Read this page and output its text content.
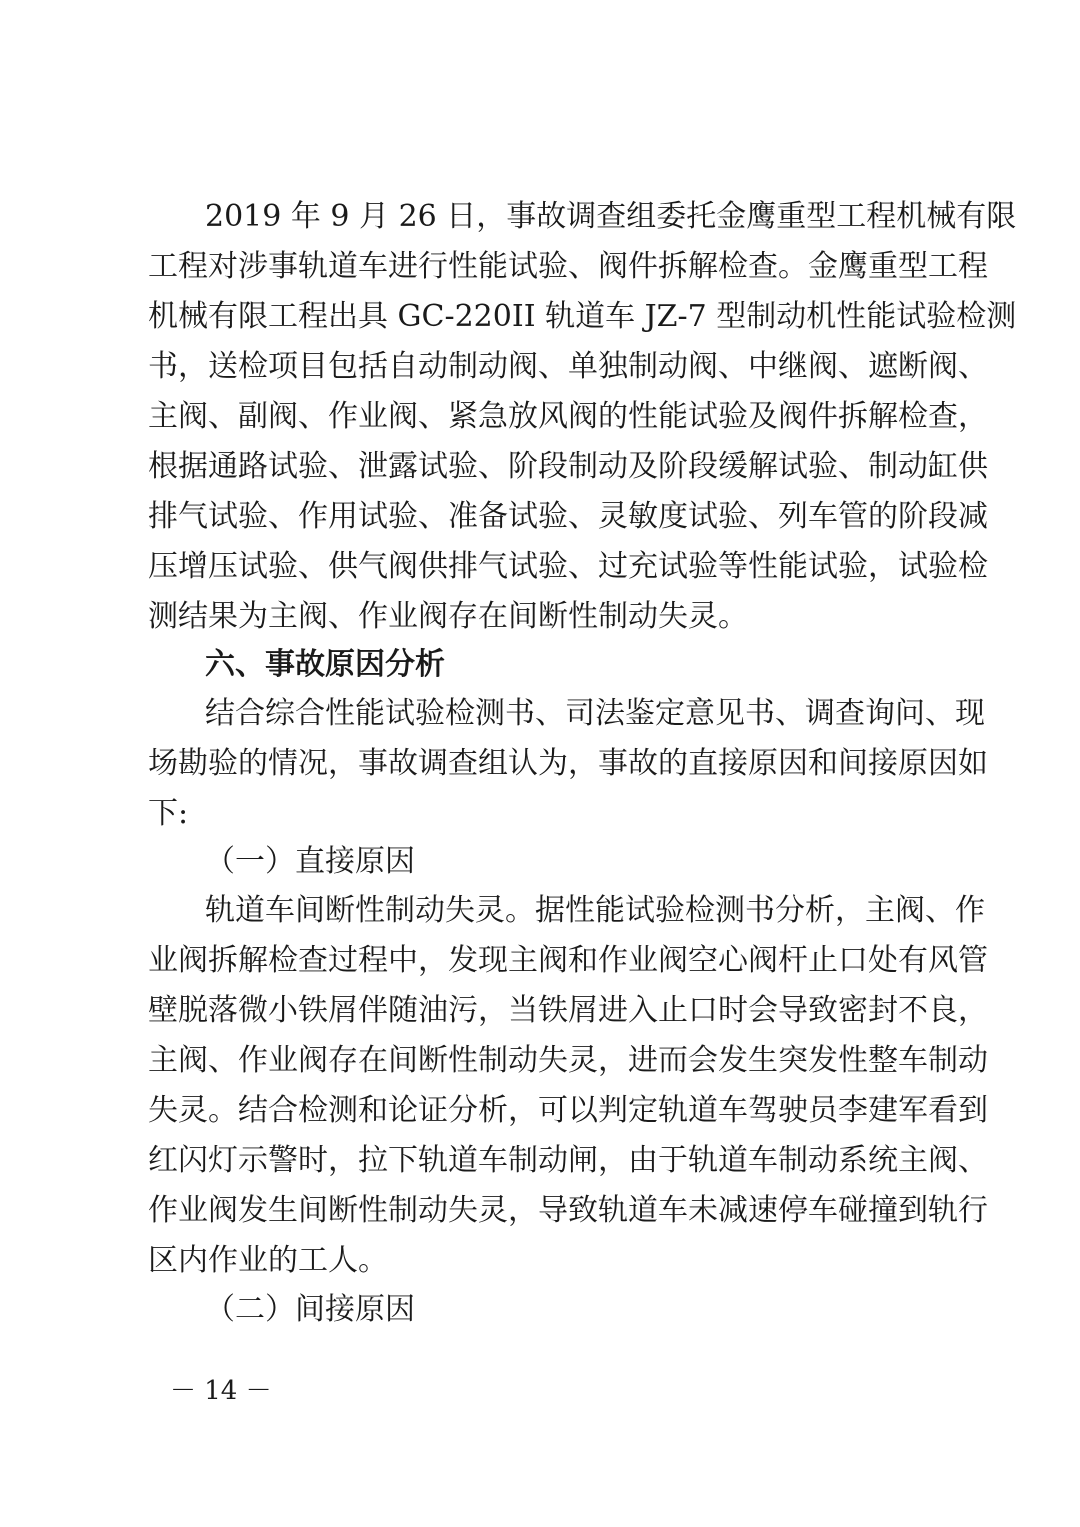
2019 年 9 月 26 日，事故调查组委托金鹰重型工程机械有限
工程对涉事轨道车进行性能试验、阀件拆解检查。金鹰重型工程
机械有限工程出具 GC-220II 轨道车 JZ-7 型制动机性能试验检测
书，送检项目包括自动制动阀、单独制动阀、中继阀、遮断阀、
主阀、副阀、作业阀、紧急放风阀的性能试验及阀件拆解检查，
根据通路试验、泄露试验、阶段制动及阶段缓解试验、制动缸供
排气试验、作用试验、准备试验、灵敏度试验、列车管的阶段减
压增压试验、供气阀供排气试验、过充试验等性能试验，试验检
测结果为主阀、作业阀存在间断性制动失灵。
六、事故原因分析
结合综合性能试验检测书、司法鉴定意见书、调查询问、现
场勘验的情况，事故调查组认为，事故的直接原因和间接原因如
下:
（一）直接原因
轨道车间断性制动失灵。据性能试验检测书分析，主阀、作
业阀拆解检查过程中，发现主阀和作业阀空心阀杆止口处有风管
壁脱落微小铁屑伴随油污，当铁屑进入止口时会导致密封不良，
主阀、作业阀存在间断性制动失灵，进而会发生突发性整车制动
失灵。结合检测和论证分析，可以判定轨道车驾驶员李建军看到
红闪灯示警时，拉下轨道车制动闸，由于轨道车制动系统主阀、
作业阀发生间断性制动失灵，导致轨道车未减速停车碰撞到轨行
区内作业的工人。
（二）间接原因
－ 14 －
